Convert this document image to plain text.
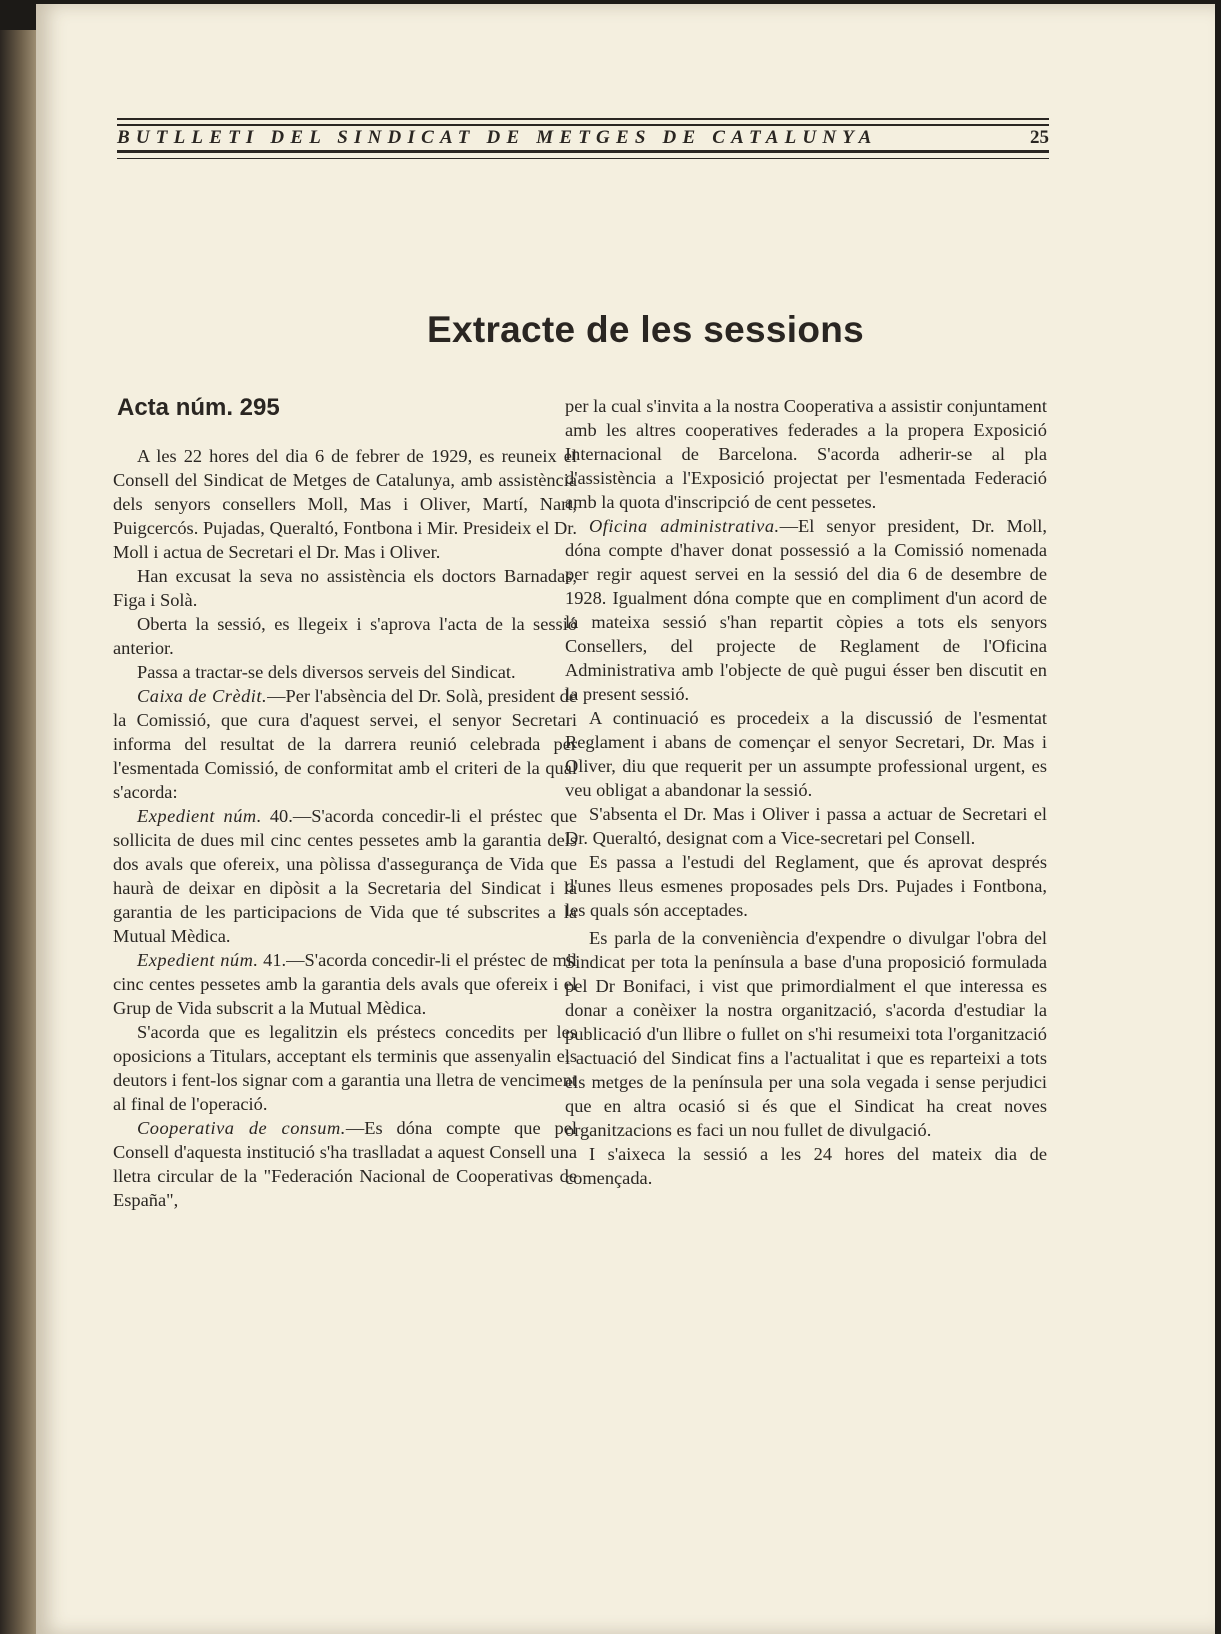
BUTLLETI DEL SINDICAT DE METGES DE CATALUNYA	25
Extracte de les sessions
Acta núm. 295

A les 22 hores del dia 6 de febrer de 1929, es reuneix el Consell del Sindicat de Metges de Catalunya, amb assistència dels senyors consellers Moll, Mas i Oliver, Martí, Nart, Puigcercós. Pujadas, Queraltó, Fontbona i Mir. Presideix el Dr. Moll i actua de Secretari el Dr. Mas i Oliver.

Han excusat la seva no assistència els doctors Barnadas, Figa i Solà.

Oberta la sessió, es llegeix i s'aprova l'acta de la sessió anterior.

Passa a tractar-se dels diversos serveis del Sindicat.

Caixa de Crèdit.—Per l'absència del Dr. Solà, president de la Comissió, que cura d'aquest servei, el senyor Secretari informa del resultat de la darrera reunió celebrada per l'esmentada Comissió, de conformitat amb el criteri de la qual s'acorda:

Expedient núm. 40.—S'acorda concedir-li el préstec que sollicita de dues mil cinc centes pessetes amb la garantia dels dos avals que ofereix, una pòlissa d'assegurança de Vida que haurà de deixar en dipòsit a la Secretaria del Sindicat i la garantia de les participacions de Vida que té subscrites a la Mutual Mèdica.

Expedient núm. 41.—S'acorda concedir-li el préstec de mil cinc centes pessetes amb la garantia dels avals que ofereix i el Grup de Vida subscrit a la Mutual Mèdica.

S'acorda que es legalitzin els préstecs concedits per les oposicions a Titulars, acceptant els terminis que assenyalin els deutors i fent-los signar com a garantia una lletra de venciment al final de l'operació.

Cooperativa de consum.—Es dóna compte que pel Consell d'aquesta institució s'ha traslladat a aquest Consell una lletra circular de la "Federación Nacional de Cooperativas de España",

per la cual s'invita a la nostra Cooperativa a assistir conjuntament amb les altres cooperatives federades a la propera Exposició Internacional de Barcelona. S'acorda adherir-se al pla d'assistència a l'Exposició projectat per l'esmentada Federació amb la quota d'inscripció de cent pessetes.

Oficina administrativa.—El senyor president, Dr. Moll, dóna compte d'haver donat possessió a la Comissió nomenada per regir aquest servei en la sessió del dia 6 de desembre de 1928. Igualment dóna compte que en compliment d'un acord de la mateixa sessió s'han repartit còpies a tots els senyors Consellers, del projecte de Reglament de l'Oficina Administrativa amb l'objecte de què pugui ésser ben discutit en la present sessió.

A continuació es procedeix a la discussió de l'esmentat Reglament i abans de començar el senyor Secretari, Dr. Mas i Oliver, diu que requerit per un assumpte professional urgent, es veu obligat a abandonar la sessió.

S'absenta el Dr. Mas i Oliver i passa a actuar de Secretari el Dr. Queraltó, designat com a Vice-secretari pel Consell.

Es passa a l'estudi del Reglament, que és aprovat després d'unes lleus esmenes proposades pels Drs. Pujades i Fontbona, les quals són acceptades.

Es parla de la conveniència d'expendre o divulgar l'obra del Sindicat per tota la península a base d'una proposició formulada pel Dr Bonifaci, i vist que primordialment el que interessa es donar a conèixer la nostra organització, s'acorda d'estudiar la publicació d'un llibre o fullet on s'hi resumeixi tota l'organització i actuació del Sindicat fins a l'actualitat i que es reparteixi a tots els metges de la península per una sola vegada i sense perjudici que en altra ocasió si és que el Sindicat ha creat noves organitzacions es faci un nou fullet de divulgació.

I s'aixeca la sessió a les 24 hores del mateix dia de començada.
